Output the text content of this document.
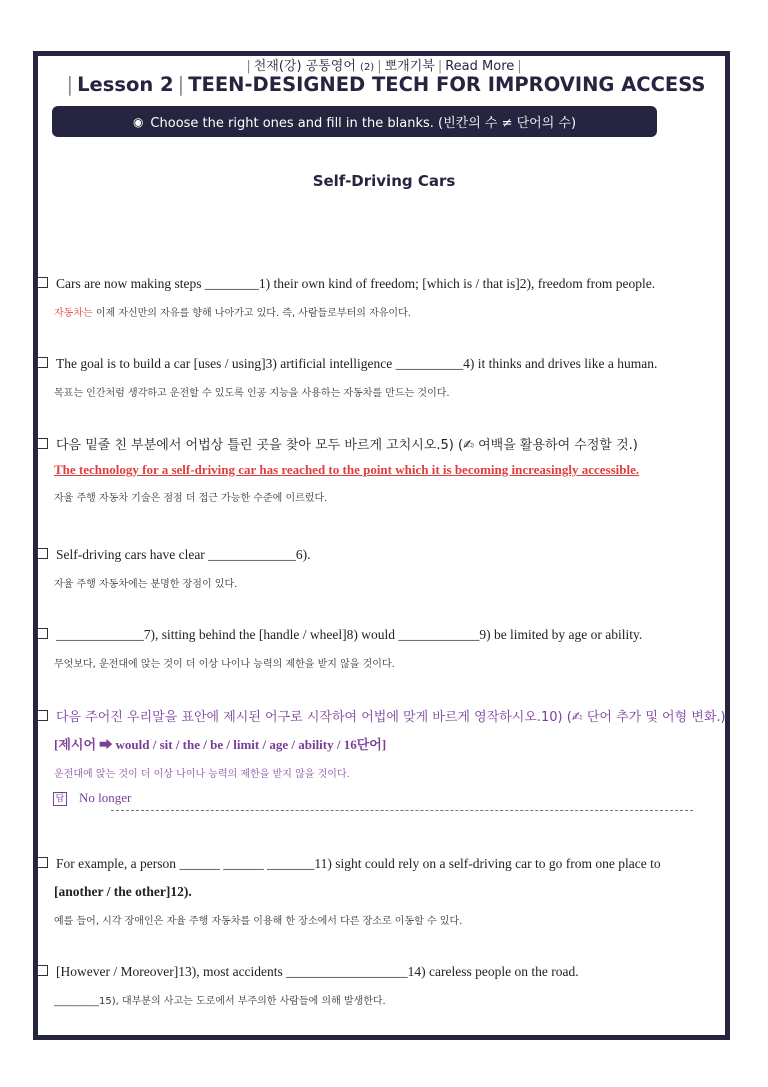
| 천재(강) 공통영어 (2) | 뽀개기북 | Read More |
| Lesson 2 | TEEN-DESIGNED TECH FOR IMPROVING ACCESS
◉ Choose the right ones and fill in the blanks. (빈칸의 수 ≠ 단어의 수)
Self-Driving Cars
Cars are now making steps ________1) their own kind of freedom; [which is / that is]2), freedom from people.
자동차는 이제 자신만의 자유를 향해 나아가고 있다. 즉, 사람들로부터의 자유이다.
The goal is to build a car [uses / using]3) artificial intelligence __________4) it thinks and drives like a human.
목표는 인간처럼 생각하고 운전할 수 있도록 인공 지능을 사용하는 자동차를 만드는 것이다.
다음 밑줄 친 부분에서 어법상 틀린 곳을 찾아 모두 바르게 고치시오.5) (✍ 여백을 활용하여 수정할 것.)
The technology for a self-driving car has reached to the point which it is becoming increasingly accessible.
자율 주행 자동차 기술은 점점 더 접근 가능한 수준에 이르렀다.
Self-driving cars have clear _____________6).
자율 주행 자동차에는 분명한 장점이 있다.
_____________7), sitting behind the [handle / wheel]8) would ____________9) be limited by age or ability.
무엇보다, 운전대에 앉는 것이 더 이상 나이나 능력의 제한을 받지 않을 것이다.
다음 주어진 우리말을 표안에 제시된 어구로 시작하여 어법에 맞게 바르게 영작하시오.10) (✍ 단어 추가 및 어형 변화.)
[제시어 ➡ would / sit / the / be / limit / age / ability / 16단어]
운전대에 앉는 것이 더 이상 나이나 능력의 제한을 받지 않을 것이다.
답 No longer
For example, a person ______ ______ _______11) sight could rely on a self-driving car to go from one place to
[another / the other]12).
예를 들어, 시각 장애인은 자율 주행 자동차를 이용해 한 장소에서 다른 장소로 이동할 수 있다.
[However / Moreover]13), most accidents __________________14) careless people on the road.
_________15), 대부분의 사고는 도로에서 부주의한 사람들에 의해 발생한다.
